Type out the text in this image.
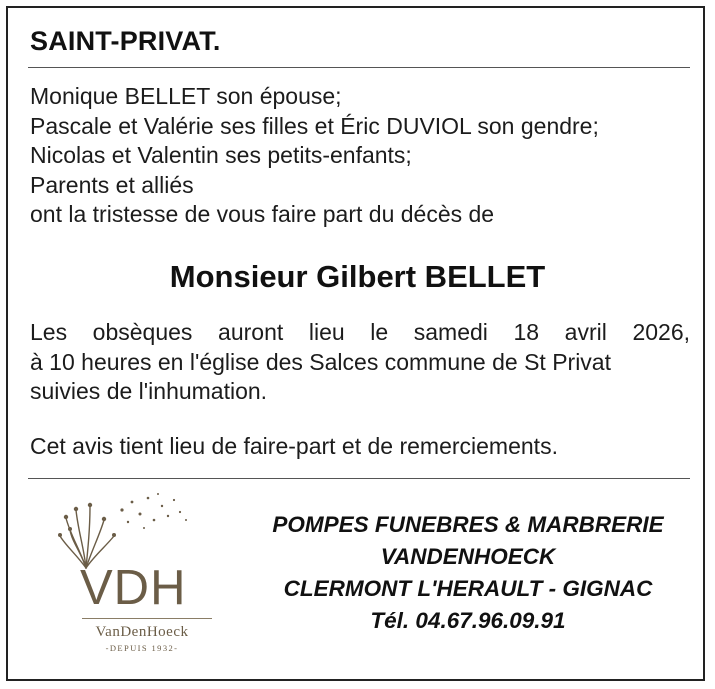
SAINT-PRIVAT.
Monique BELLET son épouse;
Pascale et Valérie ses filles et Éric DUVIOL son gendre;
Nicolas et Valentin ses petits-enfants;
Parents et alliés
ont la tristesse de vous faire part du décès de
Monsieur Gilbert BELLET
Les obsèques auront lieu le samedi 18 avril 2026,
à 10 heures en l'église des Salces commune de St Privat
suivies de l'inhumation.
Cet avis tient lieu de faire-part et de remerciements.
VDH
VanDenHoeck
-DEPUIS 1932-
POMPES FUNEBRES & MARBRERIE
VANDENHOECK
CLERMONT L'HERAULT - GIGNAC
Tél. 04.67.96.09.91
